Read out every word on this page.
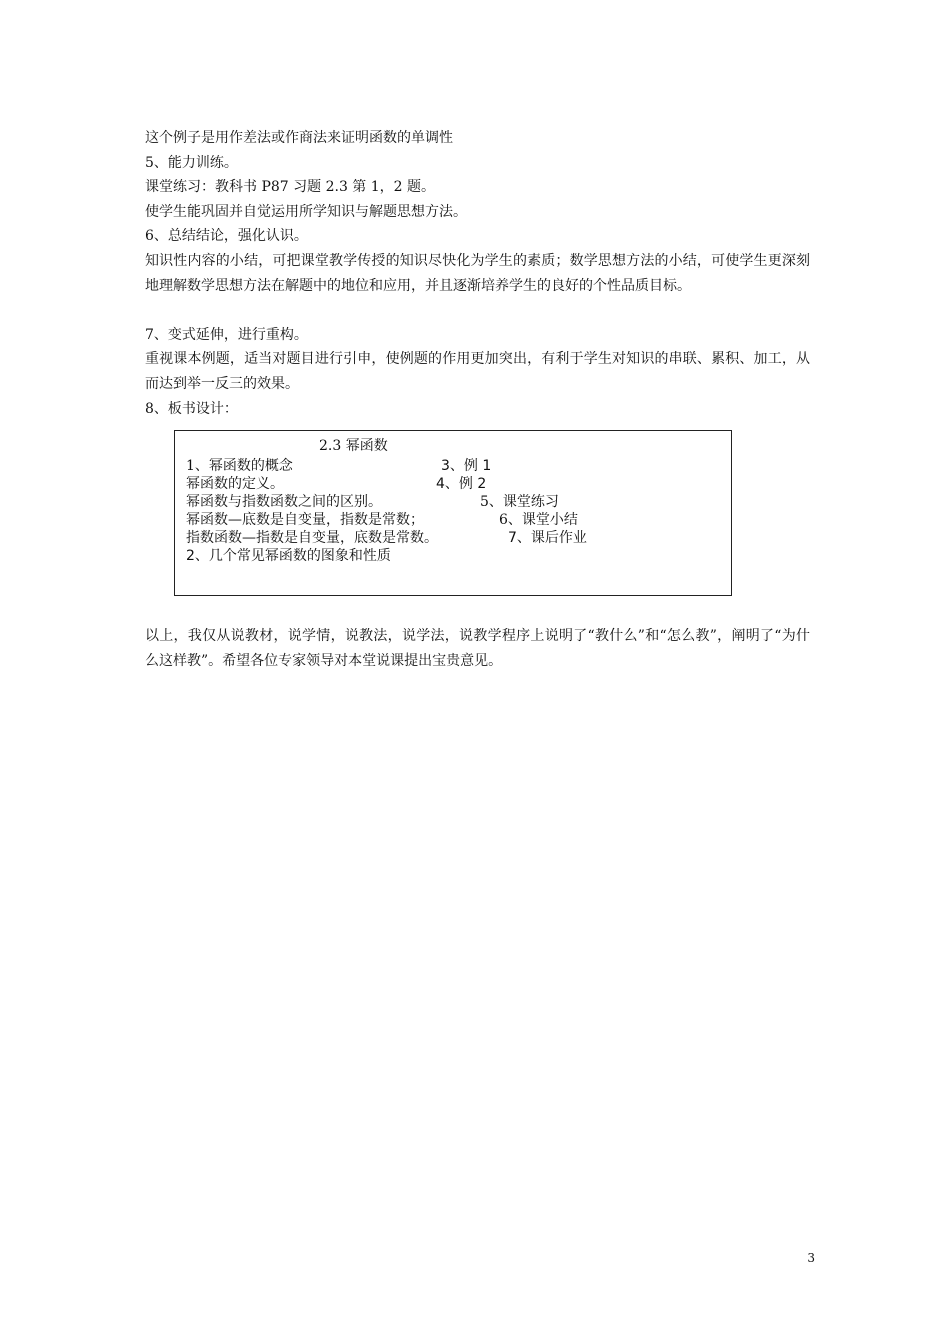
这个例子是用作差法或作商法来证明函数的单调性

5、能力训练。

课堂练习：教科书 P87 习题 2.3 第 1，2 题。

使学生能巩固并自觉运用所学知识与解题思想方法。

6、总结结论，强化认识。

知识性内容的小结，可把课堂教学传授的知识尽快化为学生的素质；数学思想方法的小结，可使学生更深刻地理解数学思想方法在解题中的地位和应用，并且逐渐培养学生的良好的个性品质目标。

7、变式延伸，进行重构。

重视课本例题，适当对题目进行引申，使例题的作用更加突出，有利于学生对知识的串联、累积、加工，从而达到举一反三的效果。

8、板书设计：

2.3 幂函数
1、幂函数的概念
幂函数的定义。
幂函数与指数函数之间的区别。
幂函数—底数是自变量，指数是常数；
指数函数—指数是自变量，底数是常数。
2、几个常见幂函数的图象和性质
3、例 1
4、例 2
5、课堂练习
6、课堂小结
7、课后作业

以上，我仅从说教材，说学情，说教法，说学法，说教学程序上说明了“教什么”和“怎么教”，阐明了“为什么这样教”。希望各位专家领导对本堂说课提出宝贵意见。

3
